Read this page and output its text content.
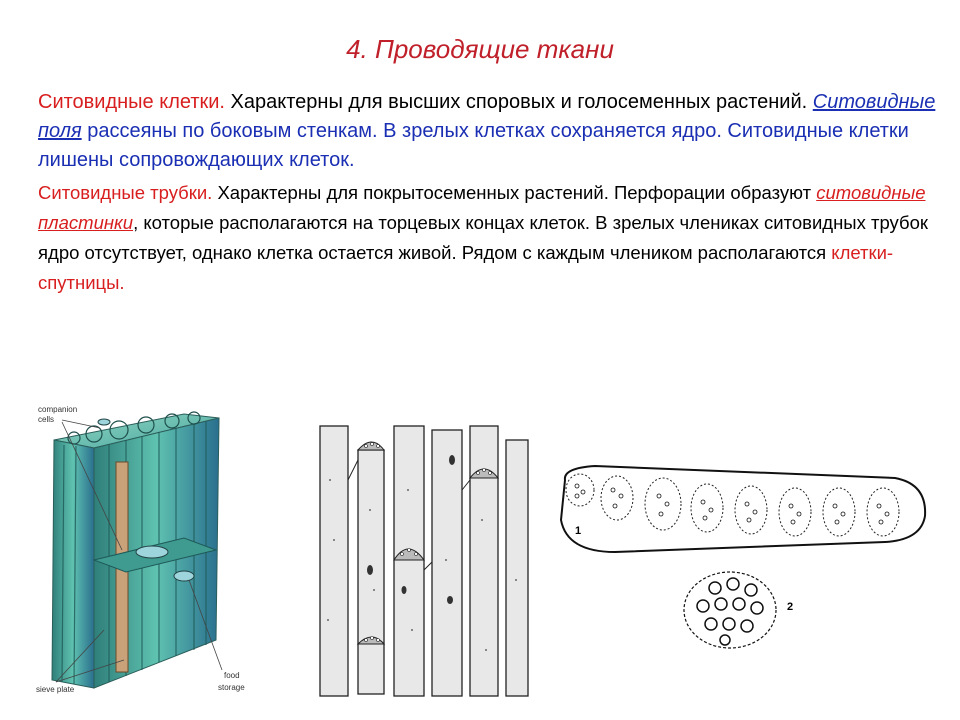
4. Проводящие ткани
Ситовидные клетки. Характерны для высших споровых и голосеменных растений. Ситовидные поля рассеяны по боковым стенкам. В зрелых клетках сохраняется ядро. Ситовидные клетки лишены сопровождающих клеток.
Ситовидные трубки. Характерны для покрытосеменных растений. Перфорации образуют ситовидные пластинки, которые располагаются на торцевых концах клеток. В зрелых члениках ситовидных трубок ядро отсутствует, однако клетка остается живой. Рядом с каждым члеником располагаются клетки-спутницы.
companion
cells
sieve plate
food
storage
1
2
